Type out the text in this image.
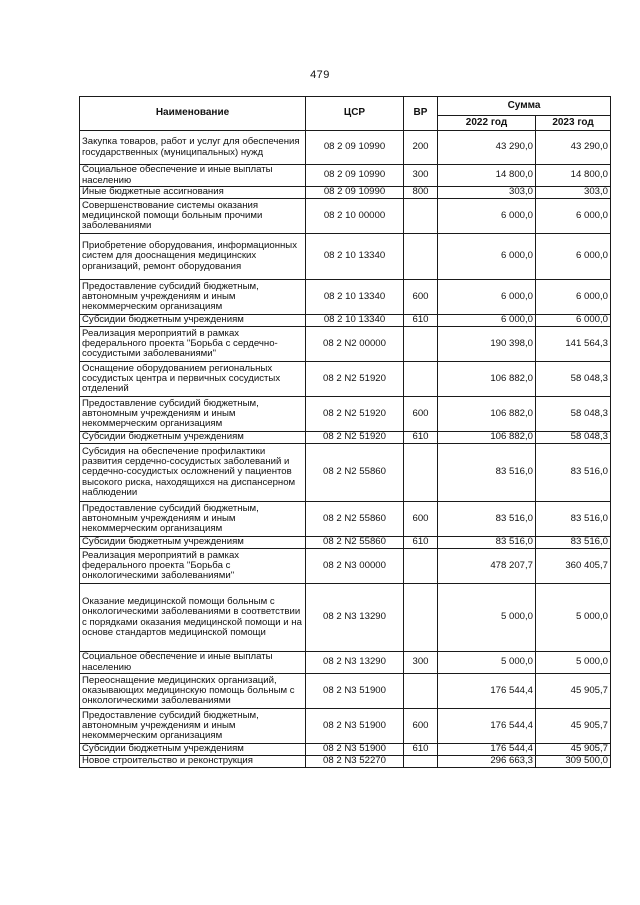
479
Наименование	ЦСР	ВР	Сумма	
			2022 год	2023 год
Закупка товаров, работ и услуг для обеспечения государственных (муниципальных) нужд	08 2 09 10990	200	43 290,0	43 290,0
Социальное обеспечение и иные выплаты населению	08 2 09 10990	300	14 800,0	14 800,0
Иные бюджетные ассигнования	08 2 09 10990	800	303,0	303,0
Совершенствование системы оказания медицинской помощи больным прочими заболеваниями	08 2 10 00000		6 000,0	6 000,0
Приобретение оборудования, информационных систем для дооснащения медицинских организаций, ремонт оборудования	08 2 10 13340		6 000,0	6 000,0
Предоставление субсидий бюджетным, автономным учреждениям и иным некоммерческим организациям	08 2 10 13340	600	6 000,0	6 000,0
Субсидии бюджетным учреждениям	08 2 10 13340	610	6 000,0	6 000,0
Реализация мероприятий в рамках федерального проекта "Борьба с сердечно-сосудистыми заболеваниями"	08 2 N2 00000		190 398,0	141 564,3
Оснащение оборудованием региональных сосудистых центра и первичных сосудистых отделений	08 2 N2 51920		106 882,0	58 048,3
Предоставление субсидий бюджетным, автономным учреждениям и иным некоммерческим организациям	08 2 N2 51920	600	106 882,0	58 048,3
Субсидии бюджетным учреждениям	08 2 N2 51920	610	106 882,0	58 048,3
Субсидия на обеспечение профилактики развития сердечно-сосудистых заболеваний и сердечно-сосудистых осложнений у пациентов высокого риска, находящихся на диспансерном наблюдении	08 2 N2 55860		83 516,0	83 516,0
Предоставление субсидий бюджетным, автономным учреждениям и иным некоммерческим организациям	08 2 N2 55860	600	83 516,0	83 516,0
Субсидии бюджетным учреждениям	08 2 N2 55860	610	83 516,0	83 516,0
Реализация мероприятий в рамках федерального проекта "Борьба с онкологическими заболеваниями"	08 2 N3 00000		478 207,7	360 405,7
Оказание медицинской помощи больным с онкологическими заболеваниями в соответствии с порядками оказания медицинской помощи и на основе стандартов медицинской помощи	08 2 N3 13290		5 000,0	5 000,0
Социальное обеспечение и иные выплаты населению	08 2 N3 13290	300	5 000,0	5 000,0
Переоснащение медицинских организаций, оказывающих медицинскую помощь больным с онкологическими заболеваниями	08 2 N3 51900		176 544,4	45 905,7
Предоставление субсидий бюджетным, автономным учреждениям и иным некоммерческим организациям	08 2 N3 51900	600	176 544,4	45 905,7
Субсидии бюджетным учреждениям	08 2 N3 51900	610	176 544,4	45 905,7
Новое строительство и реконструкция	08 2 N3 52270		296 663,3	309 500,0
